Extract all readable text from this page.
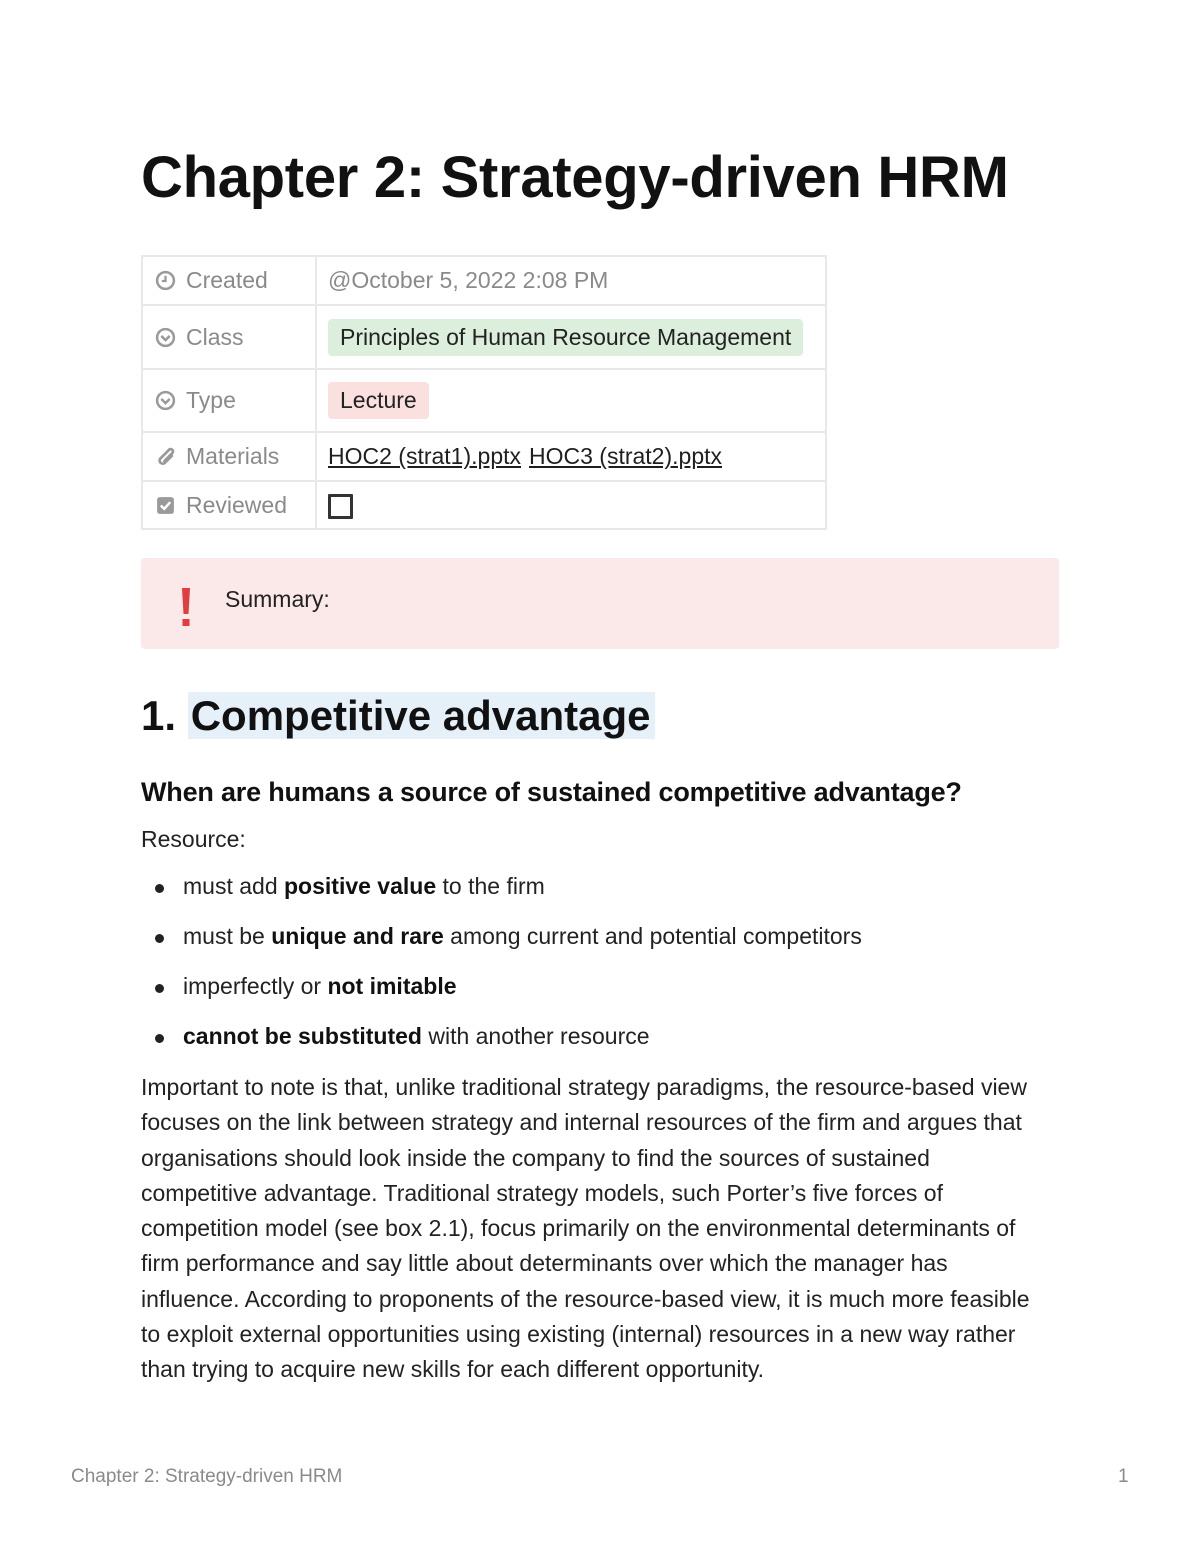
Chapter 2: Strategy-driven HRM
Created	@October 5, 2022 2:08 PM

Class	Principles of Human Resource Management

Type	Lecture

Materials	HOC2 (strat1).pptx HOC3 (strat2).pptx

Reviewed	

Summary:
1. Competitive advantage
When are humans a source of sustained competitive advantage?
Resource:
must add positive value to the firm
must be unique and rare among current and potential competitors
imperfectly or not imitable
cannot be substituted with another resource

Important to note is that, unlike traditional strategy paradigms, the resource-based view
focuses on the link between strategy and internal resources of the firm and argues that
organisations should look inside the company to find the sources of sustained
competitive advantage. Traditional strategy models, such Porter’s five forces of
competition model (see box 2.1), focus primarily on the environmental determinants of
firm performance and say little about determinants over which the manager has
influence. According to proponents of the resource-based view, it is much more feasible
to exploit external opportunities using existing (internal) resources in a new way rather
than trying to acquire new skills for each different opportunity.

Chapter 2: Strategy-driven HRM	1
